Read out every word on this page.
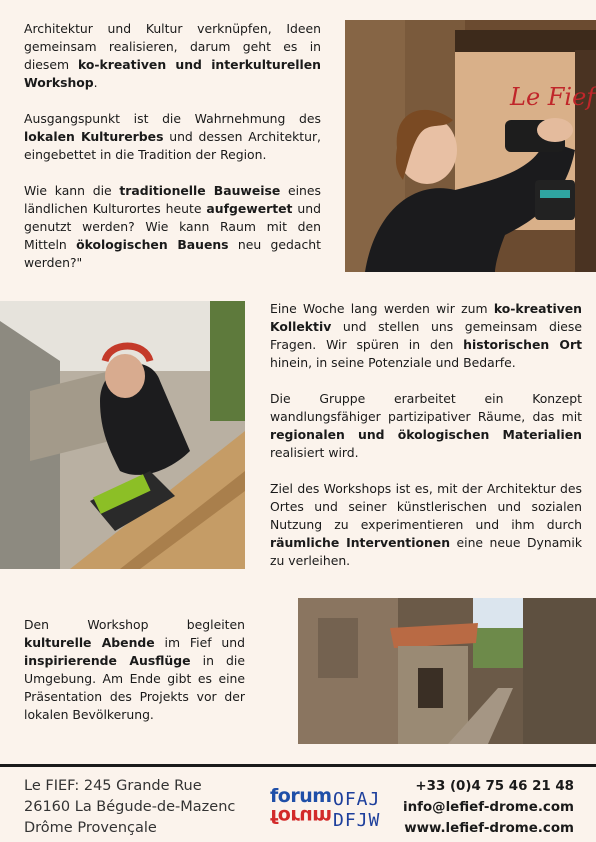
Architektur und Kultur verknüpfen, Ideen gemeinsam realisieren, darum geht es in diesem ko-kreativen und interkulturellen Workshop.

Ausgangspunkt ist die Wahrnehmung des lokalen Kulturerbes und dessen Architektur, eingebettet in die Tradition der Region.

Wie kann die traditionelle Bauweise eines ländlichen Kulturortes heute aufgewertet und genutzt werden? Wie kann Raum mit den Mitteln ökologischen Bauens neu gedacht werden?"

Le Fief

Eine Woche lang werden wir zum ko-kreativen Kollektiv und stellen uns gemeinsam diese Fragen. Wir spüren in den historischen Ort hinein, in seine Potenziale und Bedarfe.

Die Gruppe erarbeitet ein Konzept wandlungsfähiger partizipativer Räume, das mit regionalen und ökologischen Materialien realisiert wird.

Ziel des Workshops ist es, mit der Architektur des Ortes und seiner künstlerischen und sozialen Nutzung zu experimentieren und ihm durch räumliche Interventionen eine neue Dynamik zu verleihen.

Den Workshop begleiten kulturelle Abende im Fief und inspirierende Ausflüge in die Umgebung. Am Ende gibt es eine Präsentation des Projekts vor der lokalen Bevölkerung.

Le FIEF: 245 Grande Rue
26160 La Bégude-de-Mazenc
Drôme Provençale
forum
forum
OFAJ
DFJW
+33 (0)4 75 46 21 48
info@lefief-drome.com
www.lefief-drome.com
